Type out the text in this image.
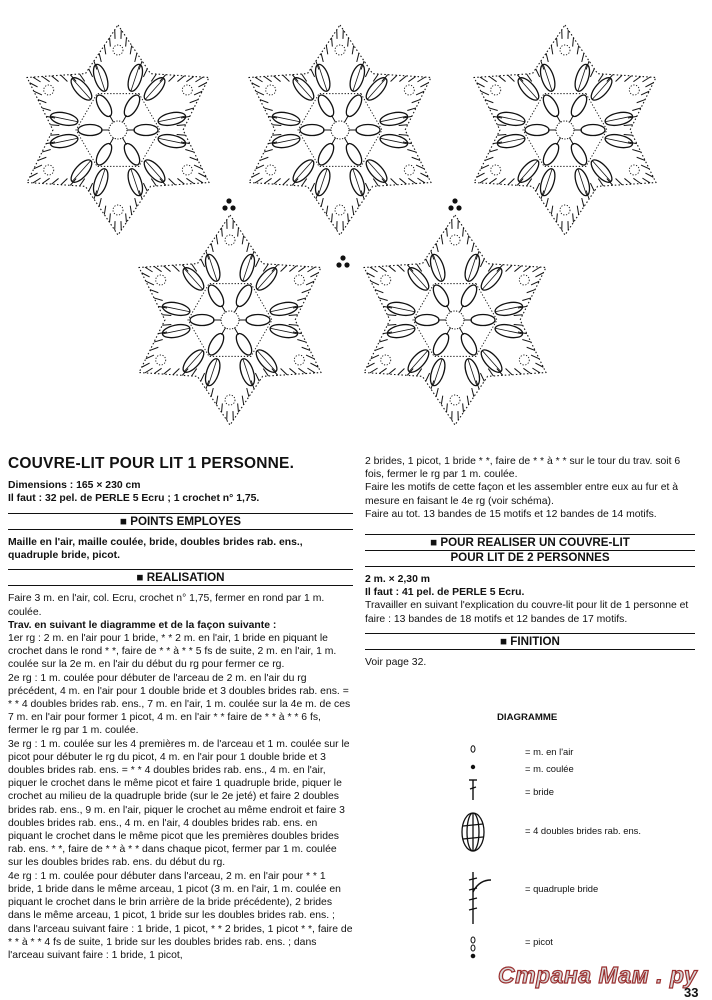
COUVRE-LIT POUR LIT 1 PERSONNE.
Dimensions : 165 × 230 cm
Il faut : 32 pel. de PERLE 5 Ecru ; 1 crochet n° 1,75.
■ POINTS EMPLOYES
Maille en l'air, maille coulée, bride, doubles brides rab. ens., quadruple bride, picot.
■ REALISATION

Faire 3 m. en l'air, col. Ecru, crochet n° 1,75, fermer en rond par 1 m. coulée.

Trav. en suivant le diagramme et de la façon suivante :

1er rg : 2 m. en l'air pour 1 bride, * * 2 m. en l'air, 1 bride en piquant le crochet dans le rond * *, faire de * * à * * 5 fs de suite, 2 m. en l'air, 1 m. coulée sur la 2e m. en l'air du début du rg pour fermer ce rg.

2e rg : 1 m. coulée pour débuter de l'arceau de 2 m. en l'air du rg précédent, 4 m. en l'air pour 1 double bride et 3 doubles brides rab. ens. = * * 4 doubles brides rab. ens., 7 m. en l'air, 1 m. coulée sur la 4e m. de ces 7 m. en l'air pour former 1 picot, 4 m. en l'air * * faire de * * à * * 6 fs, fermer le rg par 1 m. coulée.

3e rg : 1 m. coulée sur les 4 premières m. de l'arceau et 1 m. coulée sur le picot pour débuter le rg du picot, 4 m. en l'air pour 1 double bride et 3 doubles brides rab. ens. = * * 4 doubles brides rab. ens., 4 m. en l'air, piquer le crochet dans le même picot et faire 1 quadruple bride, piquer le crochet au milieu de la quadruple bride (sur le 2e jeté) et faire 2 doubles brides rab. ens., 9 m. en l'air, piquer le crochet au même endroit et faire 3 doubles brides rab. ens., 4 m. en l'air, 4 doubles brides rab. ens. en piquant le crochet dans le même picot que les premières doubles brides rab. ens. * *, faire de * * à * * dans chaque picot, fermer par 1 m. coulée sur les doubles brides rab. ens. du début du rg.

4e rg : 1 m. coulée pour débuter dans l'arceau, 2 m. en l'air pour * * 1 bride, 1 bride dans le même arceau, 1 picot (3 m. en l'air, 1 m. coulée en piquant le crochet dans le brin arrière de la bride précédente), 2 brides dans le même arceau, 1 picot, 1 bride sur les doubles brides rab. ens. ; dans l'arceau suivant faire : 1 bride, 1 picot, * * 2 brides, 1 picot * *, faire de * * à * * 4 fs de suite, 1 bride sur les doubles brides rab. ens. ; dans l'arceau suivant faire : 1 bride, 1 picot,

2 brides, 1 picot, 1 bride * *, faire de * * à * * sur le tour du trav. soit 6 fois, fermer le rg par 1 m. coulée.

Faire les motifs de cette façon et les assembler entre eux au fur et à mesure en faisant le 4e rg (voir schéma).

Faire au tot. 13 bandes de 15 motifs et 12 bandes de 14 motifs.

■ POUR REALISER UN COUVRE-LIT
POUR LIT DE 2 PERSONNES
2 m. × 2,30 m
Il faut : 41 pel. de PERLE 5 Ecru.

Travailler en suivant l'explication du couvre-lit pour lit de 1 personne et faire : 13 bandes de 18 motifs et 12 bandes de 17 motifs.

■ FINITION

Voir page 32.

DIAGRAMME
= m. en l'air
= m. coulée
= bride
= 4 doubles brides rab. ens.
= quadruple bride
= picot
Страна Мам . ру
33
